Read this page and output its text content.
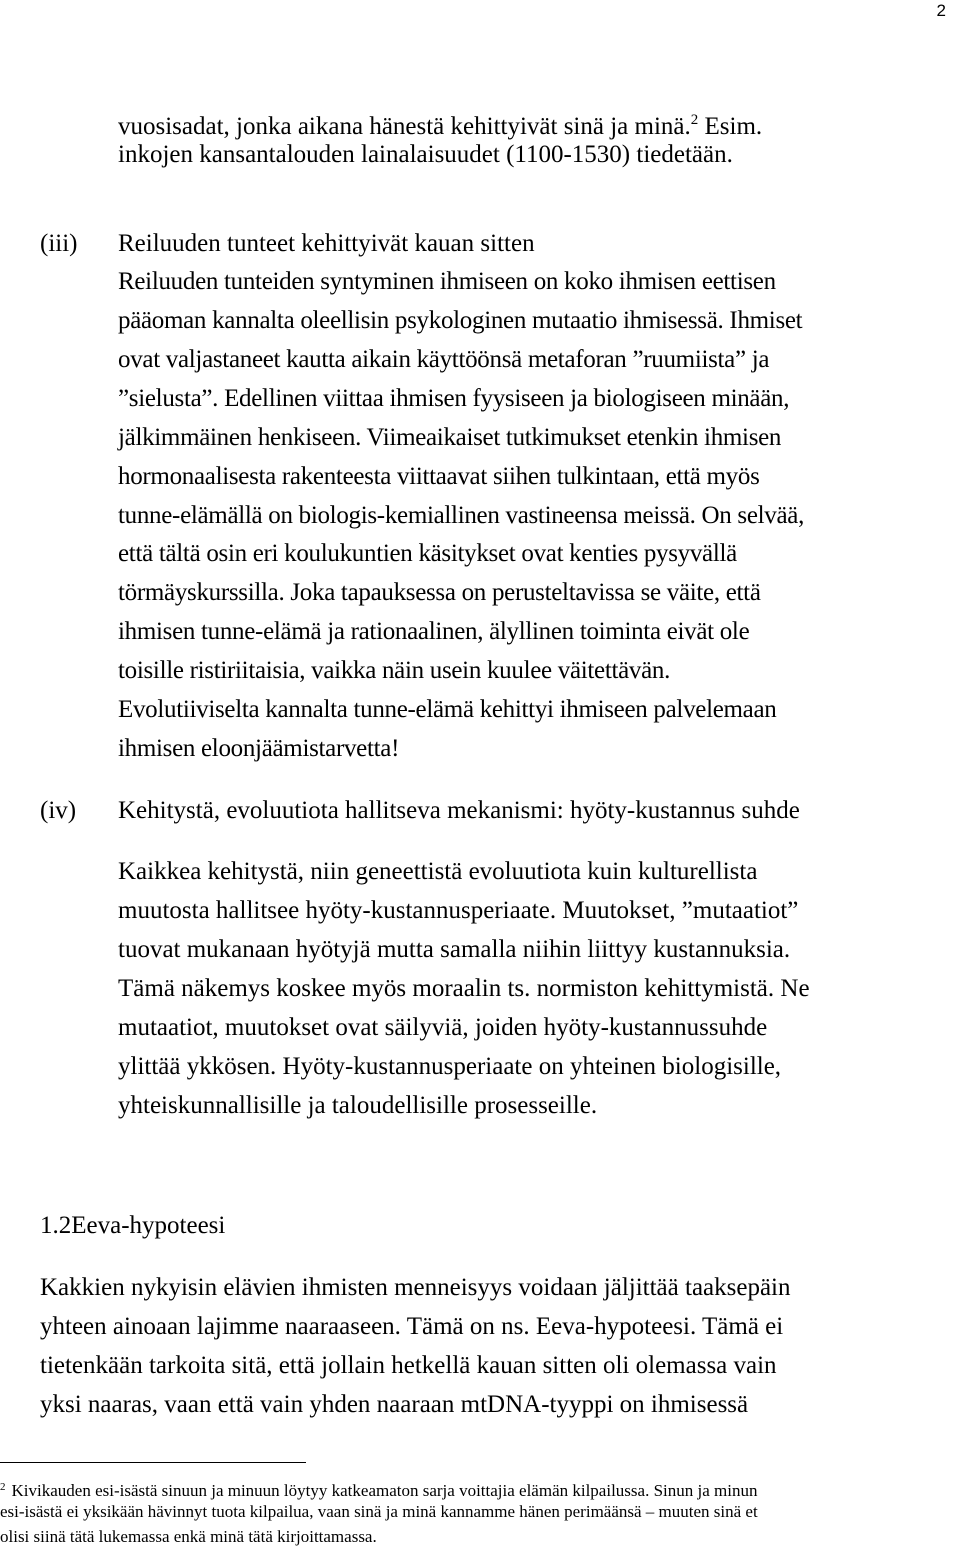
2
vuosisadat, jonka aikana hänestä kehittyivät sinä ja minä.$^2$ Esim.
inkojen kansantalouden lainalaisuudet (1100-1530) tiedetään.
(iii) Reiluuden tunteet kehittyivät kauan sitten
Reiluuden tunteiden syntyminen ihmiseen on koko ihmisen eettisen
pääoman kannalta oleellisin psykologinen mutaatio ihmisessä. Ihmiset
ovat valjastaneet kautta aikain käyttöönsä metaforan ”ruumiista” ja
”sielusta”. Edellinen viittaa ihmisen fyysiseen ja biologiseen minään,
jälkimmäinen henkiseen. Viimeaikaiset tutkimukset etenkin ihmisen
hormonaalisesta rakenteesta viittaavat siihen tulkintaan, että myös
tunne-elämällä on biologis-kemiallinen vastineensa meissä. On selvää,
että tältä osin eri koulukuntien käsitykset ovat kenties pysyvällä
törmäyskurssilla. Joka tapauksessa on perusteltavissa se väite, että
ihmisen tunne-elämä ja rationaalinen, älyllinen toiminta eivät ole
toisille ristiriitaisia, vaikka näin usein kuulee väitettävän.
Evolutiiviselta kannalta tunne-elämä kehittyi ihmiseen palvelemaan
ihmisen eloonjäämistarvetta!
(iv) Kehitystä, evoluutiota hallitseva mekanismi: hyöty-kustannus suhde
Kaikkea kehitystä, niin geneettistä evoluutiota kuin kulturellista
muutosta hallitsee hyöty-kustannusperiaate. Muutokset, ”mutaatiot”
tuovat mukanaan hyötyjä mutta samalla niihin liittyy kustannuksia.
Tämä näkemys koskee myös moraalin ts. normiston kehittymistä. Ne
mutaatiot, muutokset ovat säilyviä, joiden hyöty-kustannussuhde
ylittää ykkösen. Hyöty-kustannusperiaate on yhteinen biologisille,
yhteiskunnallisille ja taloudellisille prosesseille.
1.2Eeva-hypoteesi
Kakkien nykyisin elävien ihmisten menneisyys voidaan jäljittää taaksepäin
yhteen ainoaan lajimme naaraaseen. Tämä on ns. Eeva-hypoteesi. Tämä ei
tietenkään tarkoita sitä, että jollain hetkellä kauan sitten oli olemassa vain
yksi naaras, vaan että vain yhden naaraan mtDNA-tyyppi on ihmisessä
$^2$ Kivikauden esi-isästä sinuun ja minuun löytyy katkeamaton sarja voittajia elämän kilpailussa. Sinun ja minun
esi-isästä ei yksikään hävinnyt tuota kilpailua, vaan sinä ja minä kannamme hänen perimäänsä – muuten sinä et
olisi siinä tätä lukemassa enkä minä tätä kirjoittamassa.
